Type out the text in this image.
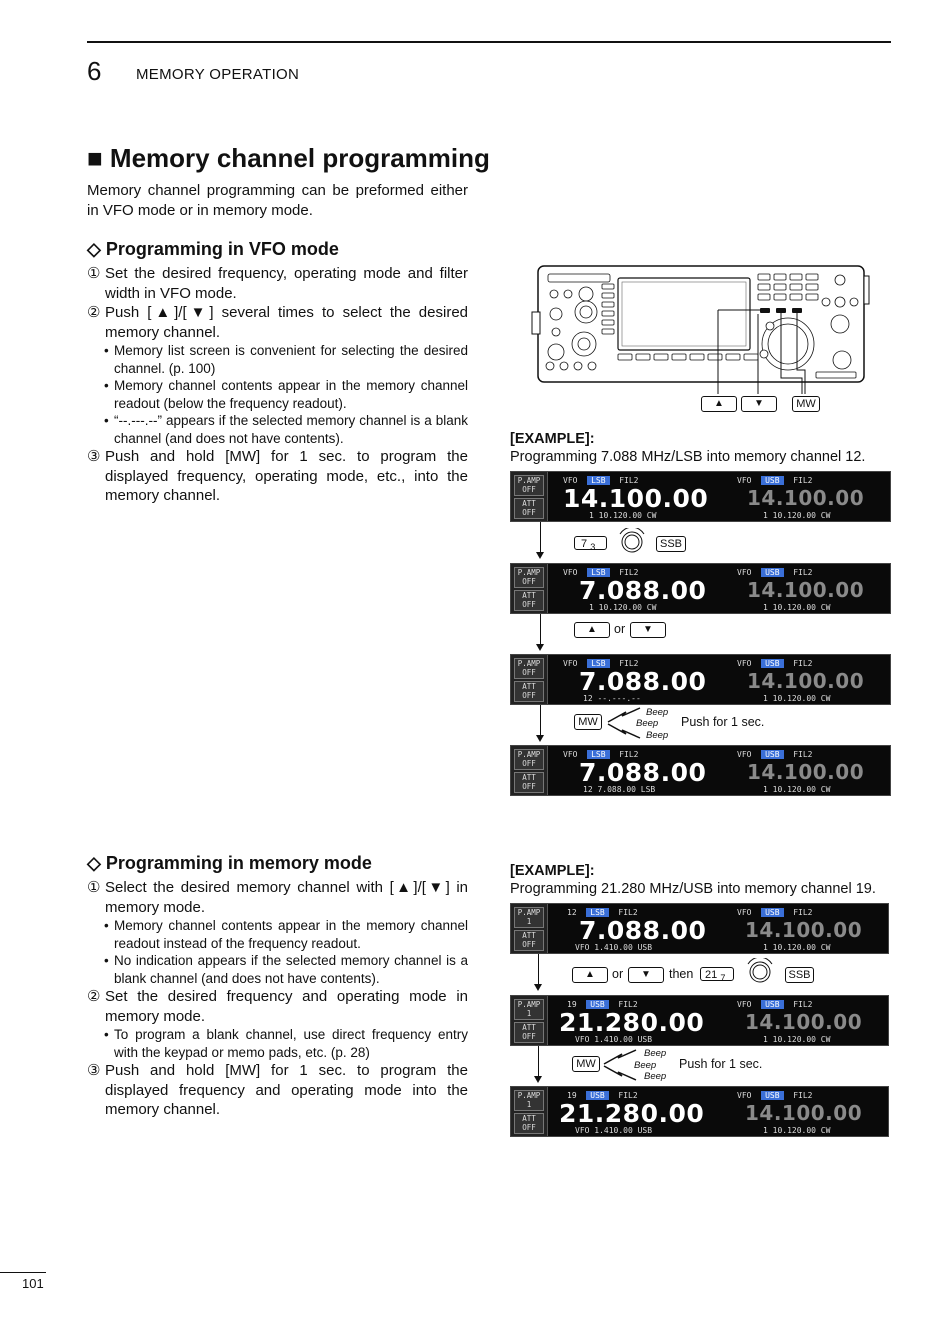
6 MEMORY OPERATION
■ Memory channel programming
Memory channel programming can be preformed either in VFO mode or in memory mode.
◇ Programming in VFO mode
① Set the desired frequency, operating mode and filter width in VFO mode.
② Push [▲]/[▼] several times to select the desired memory channel.
• Memory list screen is convenient for selecting the desired channel. (p. 100)
• Memory channel contents appear in the memory channel readout (below the frequency readout).
• “--.---.--” appears if the selected memory channel is a blank channel (and does not have contents).
③ Push and hold [MW] for 1 sec. to program the displayed frequency, operating mode, etc., into the memory channel.
◇ Programming in memory mode
① Select the desired memory channel with [▲]/[▼] in memory mode.
• Memory channel contents appear in the memory channel readout instead of the frequency readout.
• No indication appears if the selected memory channel is a blank channel (and does not have contents).
② Set the desired frequency and operating mode in memory mode.
• To program a blank channel, use direct frequency entry with the keypad or memo pads, etc. (p. 28)
③ Push and hold [MW] for 1 sec. to program the displayed frequency and operating mode into the memory channel.
▲	▼	MW
[EXAMPLE]:
Programming 7.088 MHz/LSB into memory channel 12.
P.AMP
OFF
ATT
OFF
VFO LSB FIL2
14.100.00
1 10.120.00 CW
VFO USB FIL2
14.100.00
1 10.120.00 CW
7 $_3$	SSB
P.AMP
OFF
ATT
OFF
VFO LSB FIL2
7.088.00
1 10.120.00 CW
VFO USB FIL2
14.100.00
1 10.120.00 CW
▲	or	▼
P.AMP
OFF
ATT
OFF
VFO LSB FIL2
7.088.00
12 --.---.--
VFO USB FIL2
14.100.00
1 10.120.00 CW
MW
Beep
Beep
Beep
Push for 1 sec.
P.AMP
OFF
ATT
OFF
VFO LSB FIL2
7.088.00
12 7.088.00 LSB
VFO USB FIL2
14.100.00
1 10.120.00 CW
[EXAMPLE]:
Programming 21.280 MHz/USB into memory channel 19.
P.AMP
1
ATT
OFF
12 LSB FIL2
7.088.00
VFO 1.410.00 USB
VFO USB FIL2
14.100.00
1 10.120.00 CW
▲	or	▼	then	21 $_7$	SSB
P.AMP
1
ATT
OFF
19 USB FIL2
21.280.00
VFO 1.410.00 USB
VFO USB FIL2
14.100.00
1 10.120.00 CW
MW
Beep
Beep
Beep
Push for 1 sec.
P.AMP
1
ATT
OFF
19 USB FIL2
21.280.00
VFO 1.410.00 USB
VFO USB FIL2
14.100.00
1 10.120.00 CW
101
